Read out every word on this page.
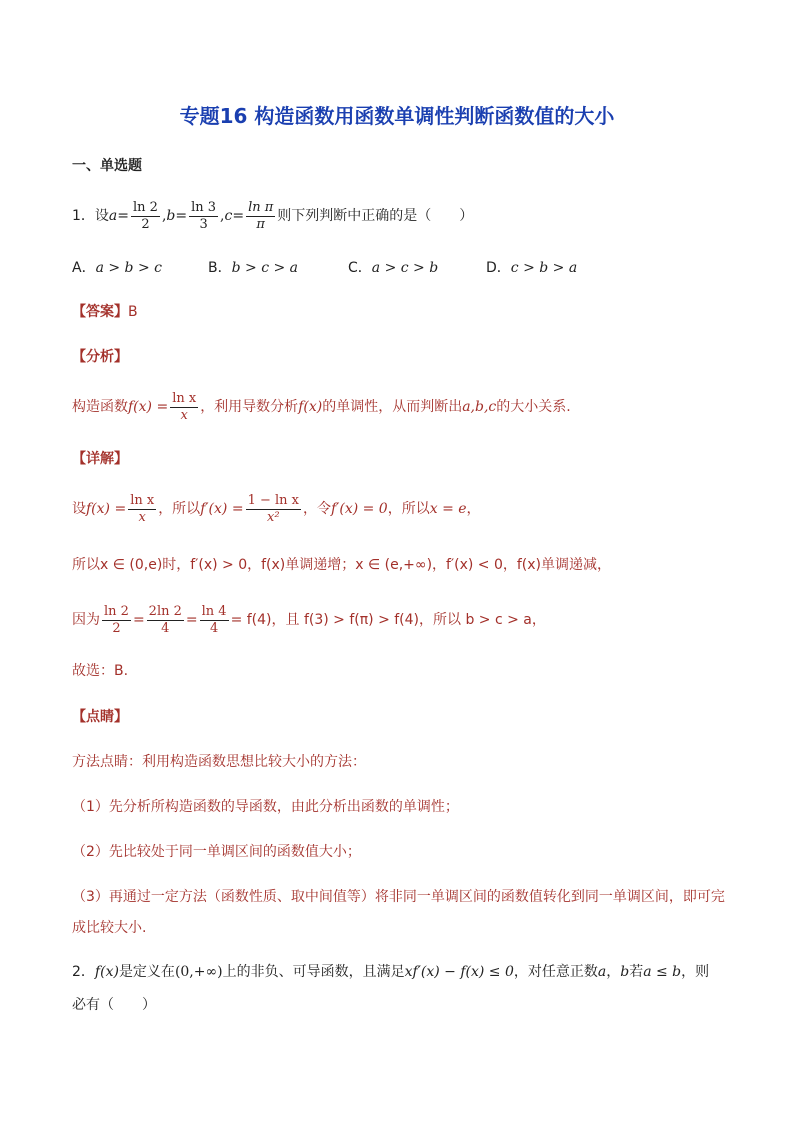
专题16 构造函数用函数单调性判断函数值的大小
一、单选题
1．设$a= \frac{\ln 2}{2} ,b= \frac{\ln 3}{3} ,c= \frac{\text{ln π}}{\pi}$ 则下列判断中正确的是（　　）
A．a > b > c	B．b > c > a	C．a > c > b	D．c > b > a
【答案】B
【分析】
构造函数$f(x) = \frac{\text{ln x}}{x}$ ，利用导数分析f(x)的单调性，从而判断出a,b,c的大小关系.
【详解】
设$f(x) = \frac{\text{ln x}}{x}$ ，所以$f'(x) = \frac{\text{1 − ln x}}{\text{x²}}$ ，令f′(x) = 0，所以x = e，
所以x ∈ (0,e)时，f′(x) > 0，f(x)单调递增；x ∈ (e,+∞)，f′(x) < 0，f(x)单调递减，
因为 $\frac{\ln 2}{2} = \frac{2\ln 2}{4} = \frac{\ln 4}{4} = f(4)$，且 f(3) > f(π) > f(4)，所以 b > c > a，
故选：B.
【点睛】
方法点睛：利用构造函数思想比较大小的方法：
（1）先分析所构造函数的导函数，由此分析出函数的单调性；
（2）先比较处于同一单调区间的函数值大小；
（3）再通过一定方法（函数性质、取中间值等）将非同一单调区间的函数值转化到同一单调区间，即可完
成比较大小.
2．f(x)是定义在(0,+∞)上的非负、可导函数，且满足xf′(x) − f(x) ≤ 0，对任意正数a，b若a ≤ b，则
必有（　　）
